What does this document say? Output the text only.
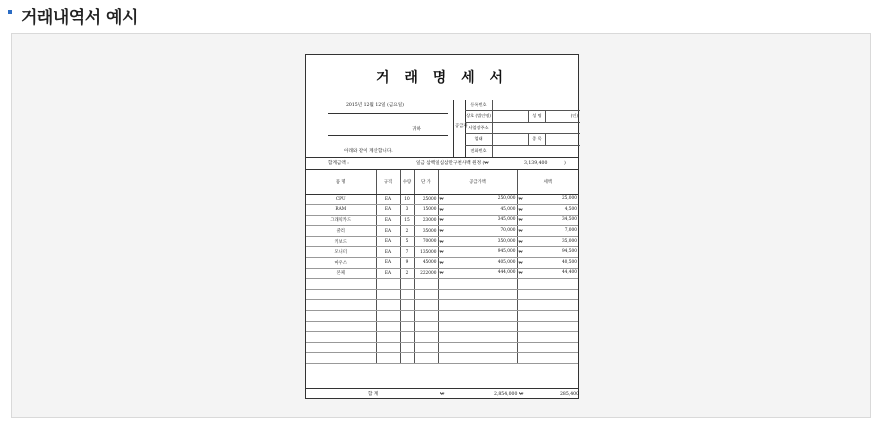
거래내역서 예시
거 래 명 세 서
2015년 12월 12일 (금요일)
귀하
아래와 같이 계산합니다.
공급자
등록번호
상호 (법인명)	성 명	(인)
사업장주소
업태	종 목
전화번호
합계금액 :	일금 삼백일십삼만구천사백 원정 (₩	3,139,400	)
품 명	규격	수량	단 가	공급가액	세액
CPU	EA	10	25000	₩ 250,000	₩ 25,000
RAM	EA	3	15000	₩ 45,000	₩ 4,500
그래픽카드	EA	15	23000	₩ 345,000	₩ 34,500
쿨러	EA	2	35000	₩ 70,000	₩ 7,000
키보드	EA	5	70000	₩ 350,000	₩ 35,000
모니터	EA	7	135000	₩ 945,000	₩ 94,500
마우스	EA	9	45000	₩ 405,000	₩ 40,500
본체	EA	2	222000	₩ 444,000	₩ 44,400

합 계	₩	2,854,000 ₩	285,400
